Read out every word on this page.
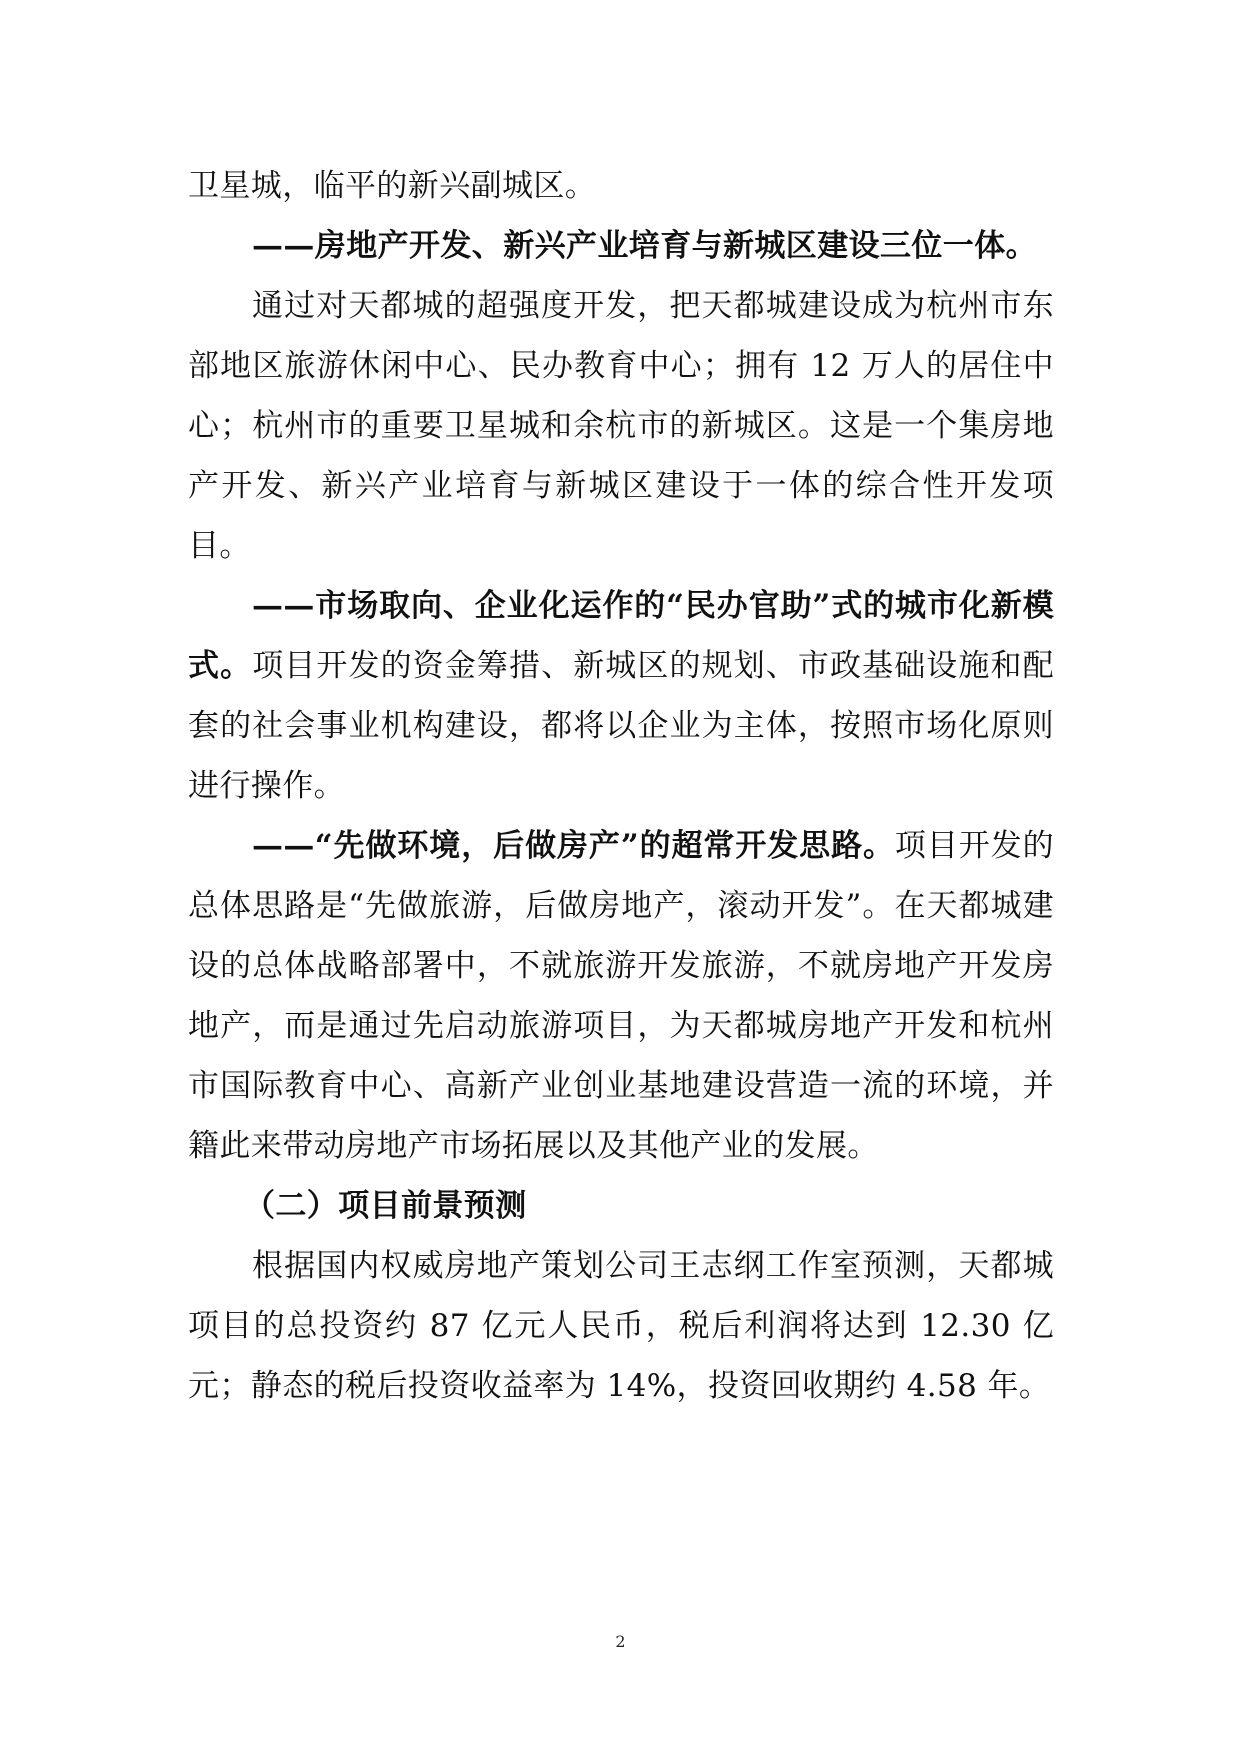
卫星城，临平的新兴副城区。

——房地产开发、新兴产业培育与新城区建设三位一体。

通过对天都城的超强度开发，把天都城建设成为杭州市东部地区旅游休闲中心、民办教育中心；拥有 12 万人的居住中心；杭州市的重要卫星城和余杭市的新城区。这是一个集房地产开发、新兴产业培育与新城区建设于一体的综合性开发项目。

——市场取向、企业化运作的“民办官助”式的城市化新模式。项目开发的资金筹措、新城区的规划、市政基础设施和配套的社会事业机构建设，都将以企业为主体，按照市场化原则进行操作。

——“先做环境，后做房产”的超常开发思路。项目开发的总体思路是“先做旅游，后做房地产，滚动开发”。在天都城建设的总体战略部署中，不就旅游开发旅游，不就房地产开发房地产，而是通过先启动旅游项目，为天都城房地产开发和杭州市国际教育中心、高新产业创业基地建设营造一流的环境，并籍此来带动房地产市场拓展以及其他产业的发展。

（二）项目前景预测

根据国内权威房地产策划公司王志纲工作室预测，天都城项目的总投资约 87 亿元人民币，税后利润将达到 12.30 亿元；静态的税后投资收益率为 14%，投资回收期约 4.58 年。

2
